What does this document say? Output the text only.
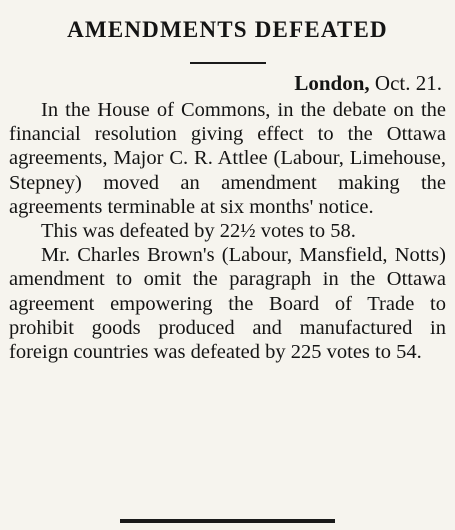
AMENDMENTS DEFEATED
London, Oct. 21.

In the House of Commons, in the debate on the financial resolution giving effect to the Ottawa agreements, Major C. R. Attlee (Labour, Limehouse, Stepney) moved an amendment making the agreements terminable at six months' notice.

This was defeated by 22½ votes to 58.

Mr. Charles Brown's (Labour, Mansfield, Notts) amendment to omit the paragraph in the Ottawa agreement empowering the Board of Trade to prohibit goods produced and manufactured in foreign countries was defeated by 225 votes to 54.
